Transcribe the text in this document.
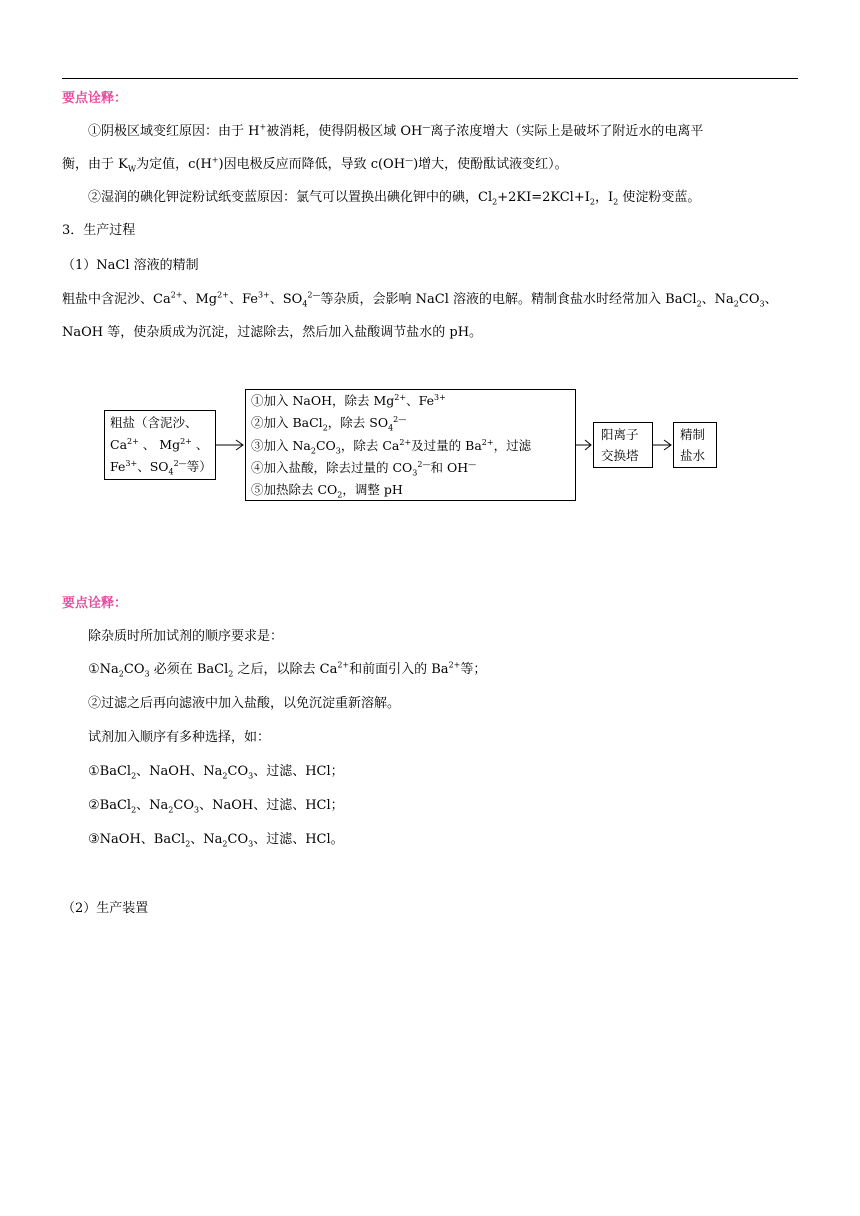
要点诠释：
①阴极区域变红原因：由于 H+被消耗，使得阴极区域 OH—离子浓度增大（实际上是破坏了附近水的电离平
衡，由于 $K_W$为定值，c(H+)因电极反应而降低，导致 c(OH—)增大，使酚酞试液变红）。
②湿润的碘化钾淀粉试纸变蓝原因：氯气可以置换出碘化钾中的碘，$Cl_2+2KI=2KCl+I_2$，$I_2$ 使淀粉变蓝。
3．生产过程
（1）NaCl 溶液的精制
粗盐中含泥沙、$Ca^{2+}$、$Mg^{2+}$、$Fe^{3+}$、$SO_4^{2—}$等杂质，会影响 NaCl 溶液的电解。精制食盐水时经常加入 BaCl$_2$、$Na_2CO_3$、
NaOH 等，使杂质成为沉淀，过滤除去，然后加入盐酸调节盐水的 pH。
粗盐（含泥沙、
$Ca^{2+}$ 、 $Mg^{2+}$ 、
$Fe^{3+}$、$SO_4^{2—}$等）
①加入 NaOH，除去 $Mg^{2+}$、$Fe^{3+}$
②加入 BaCl$_2$，除去 $SO_4^{2—}$
③加入 $Na_2CO_3$，除去 $Ca^{2+}$及过量的 $Ba^{2+}$，过滤
④加入盐酸，除去过量的 $CO_3^{2—}$和 OH—
⑤加热除去 $CO_2$，调整 pH
阳离子
交换塔
精制
盐水
要点诠释：
除杂质时所加试剂的顺序要求是：
$①Na_2CO_3$ 必须在 BaCl$_2$ 之后，以除去 $Ca^{2+}$和前面引入的 $Ba^{2+}$等；
②过滤之后再向滤液中加入盐酸，以免沉淀重新溶解。
试剂加入顺序有多种选择，如：
①BaCl$_2$、NaOH、$Na_2CO_3$、过滤、HCl；
②BaCl$_2$、$Na_2CO_3$、NaOH、过滤、HCl；
③NaOH、BaCl$_2$、$Na_2CO_3$、过滤、HCl。
（2）生产装置
